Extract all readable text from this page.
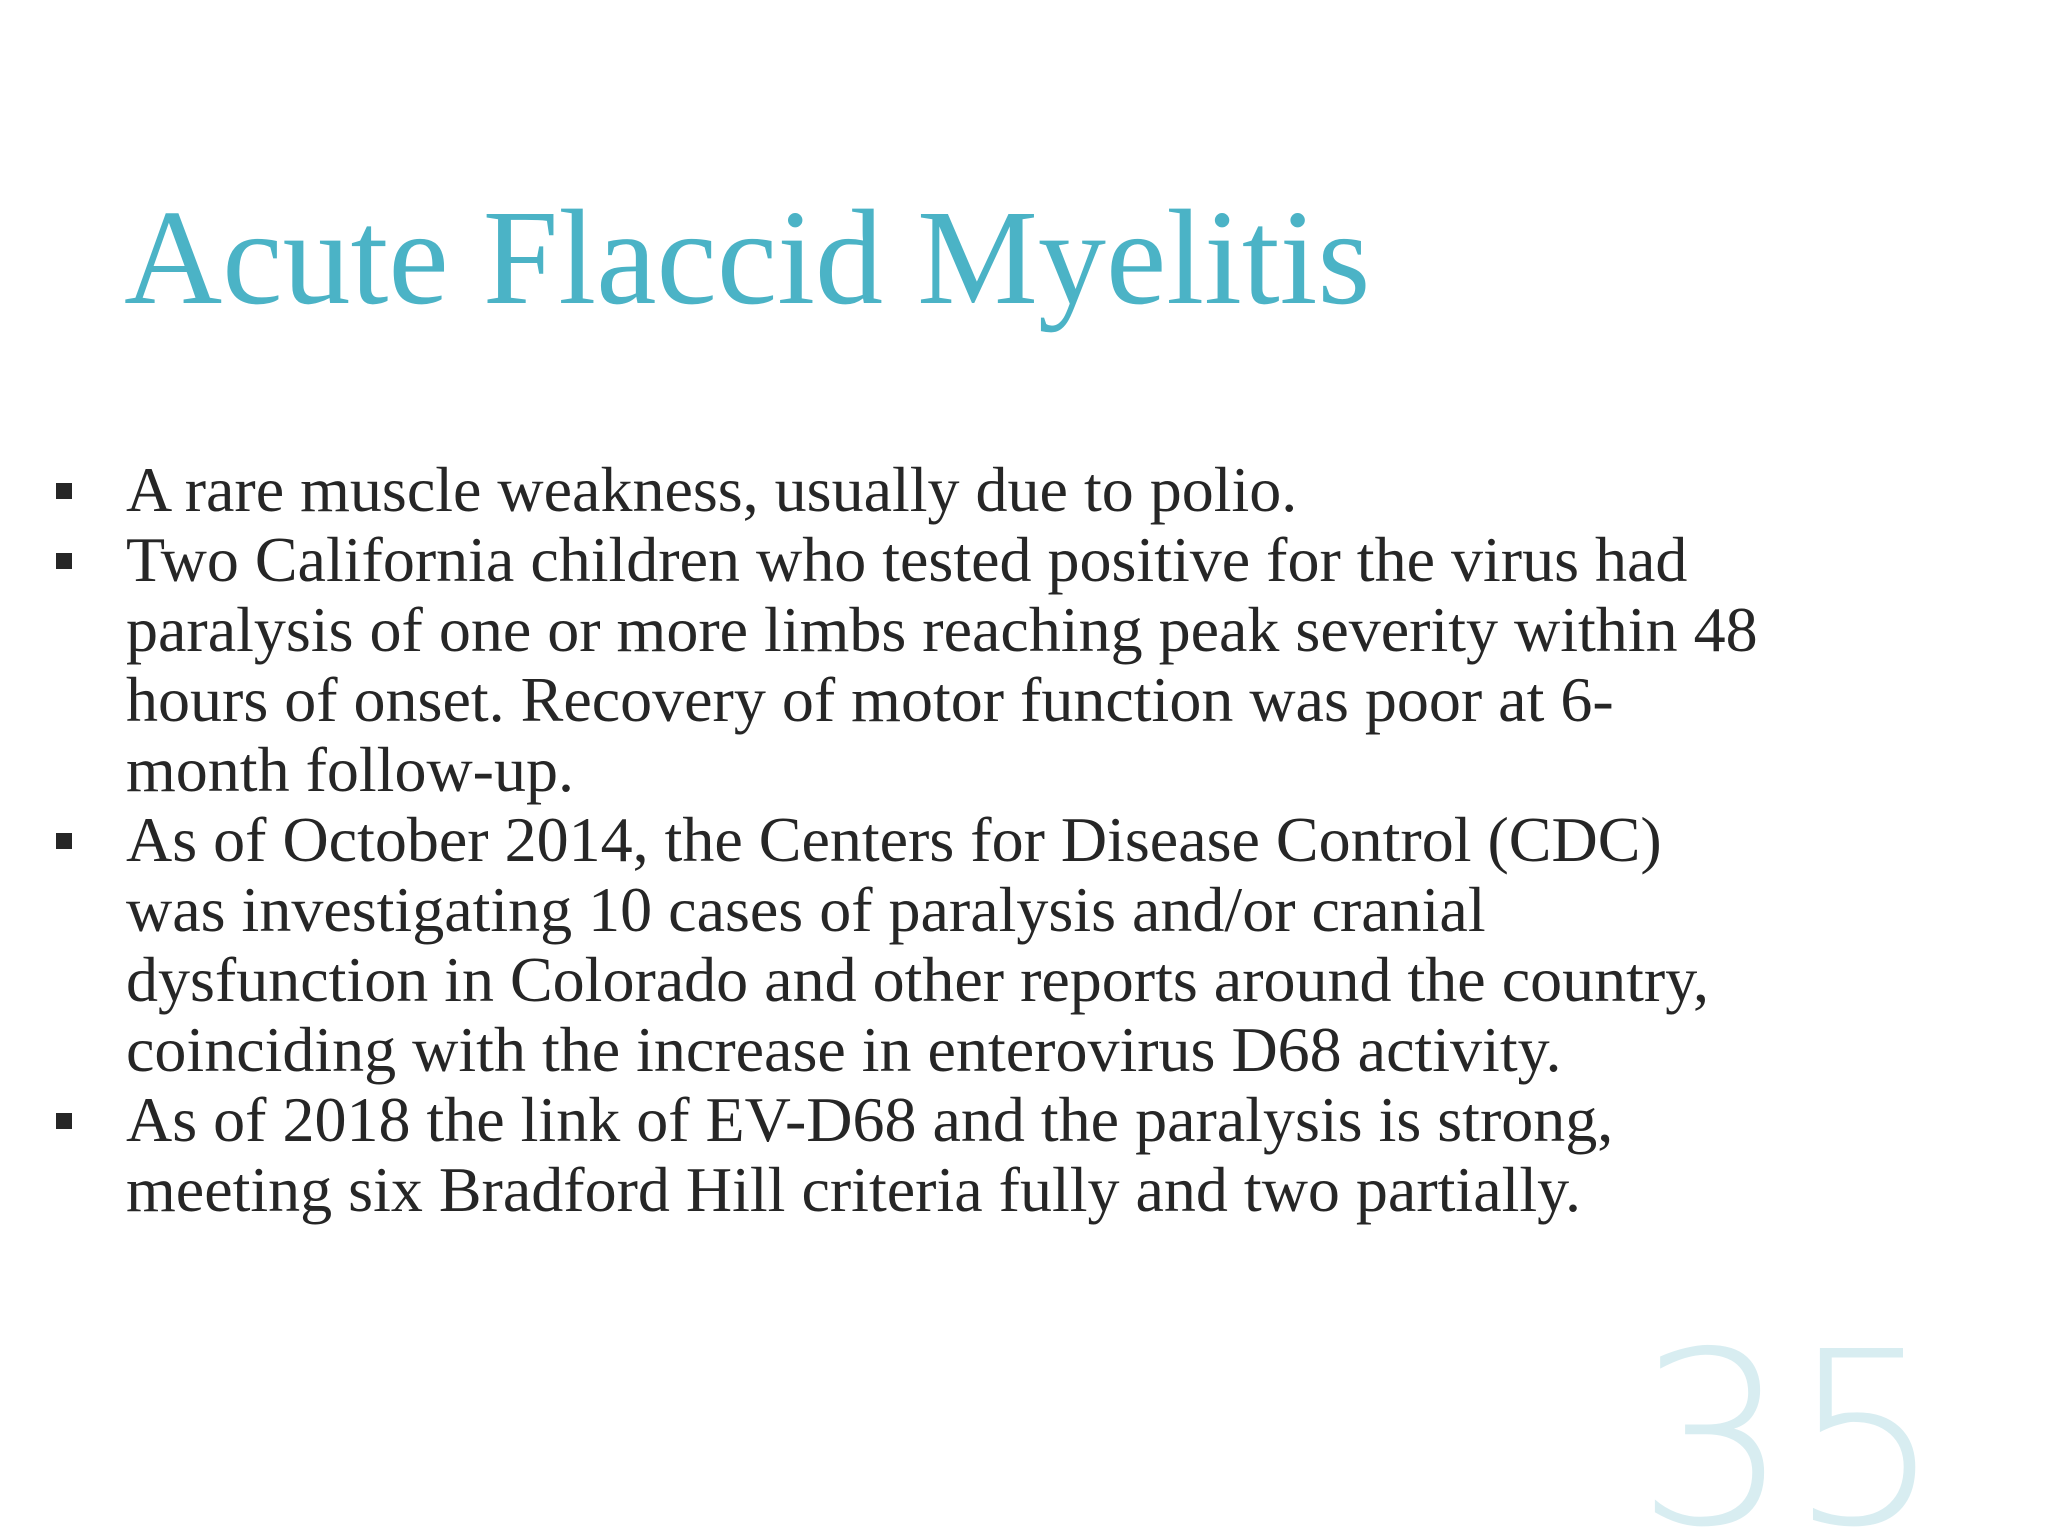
Acute Flaccid Myelitis
A rare muscle weakness, usually due to polio.
Two California children who tested positive for the virus had
paralysis of one or more limbs reaching peak severity within 48
hours of onset. Recovery of motor function was poor at 6-
month follow-up.
As of October 2014, the Centers for Disease Control (CDC)
was investigating 10 cases of paralysis and/or cranial
dysfunction in Colorado and other reports around the country,
coinciding with the increase in enterovirus D68 activity.
As of 2018 the link of EV-D68 and the paralysis is strong,
meeting six Bradford Hill criteria fully and two partially.
35
